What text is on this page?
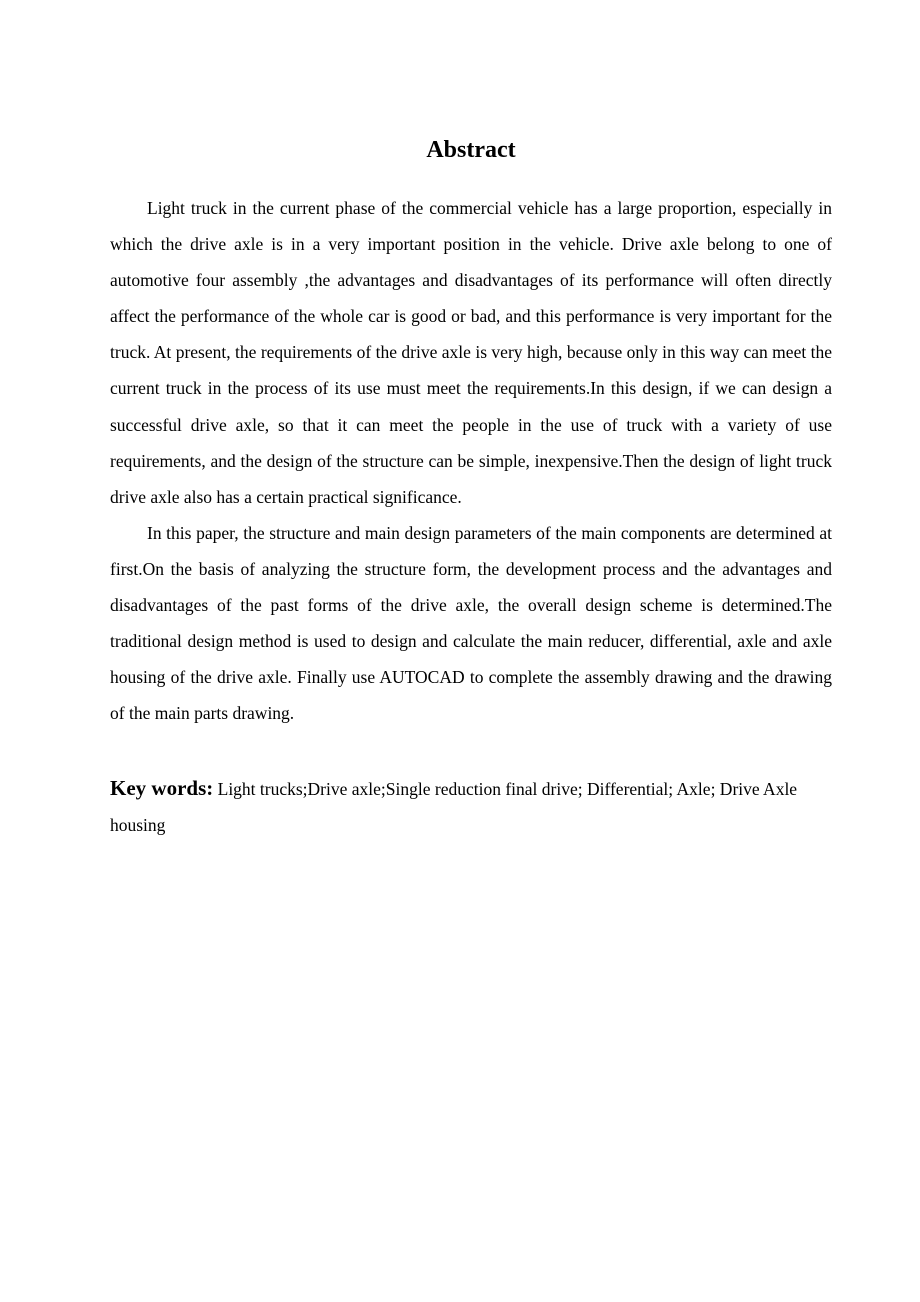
Abstract

Light truck in the current phase of the commercial vehicle has a large proportion, especially in which the drive axle is in a very important position in the vehicle. Drive axle belong to one of automotive four assembly ,the advantages and disadvantages of its performance will often directly affect the performance of the whole car is good or bad, and this performance is very important for the truck. At present, the requirements of the drive axle is very high, because only in this way can meet the current truck in the process of its use must meet the requirements.In this design, if we can design a successful drive axle, so that it can meet the people in the use of truck with a variety of use requirements, and the design of the structure can be simple, inexpensive.Then the design of light truck drive axle also has a certain practical significance.

In this paper, the structure and main design parameters of the main components are determined at first.On the basis of analyzing the structure form, the development process and the advantages and disadvantages of the past forms of the drive axle, the overall design scheme is determined.The traditional design method is used to design and calculate the main reducer, differential, axle and axle housing of the drive axle. Finally use AUTOCAD to complete the assembly drawing and the drawing of the main parts drawing.

Key words: Light trucks;Drive axle;Single reduction final drive; Differential; Axle; Drive Axle housing
